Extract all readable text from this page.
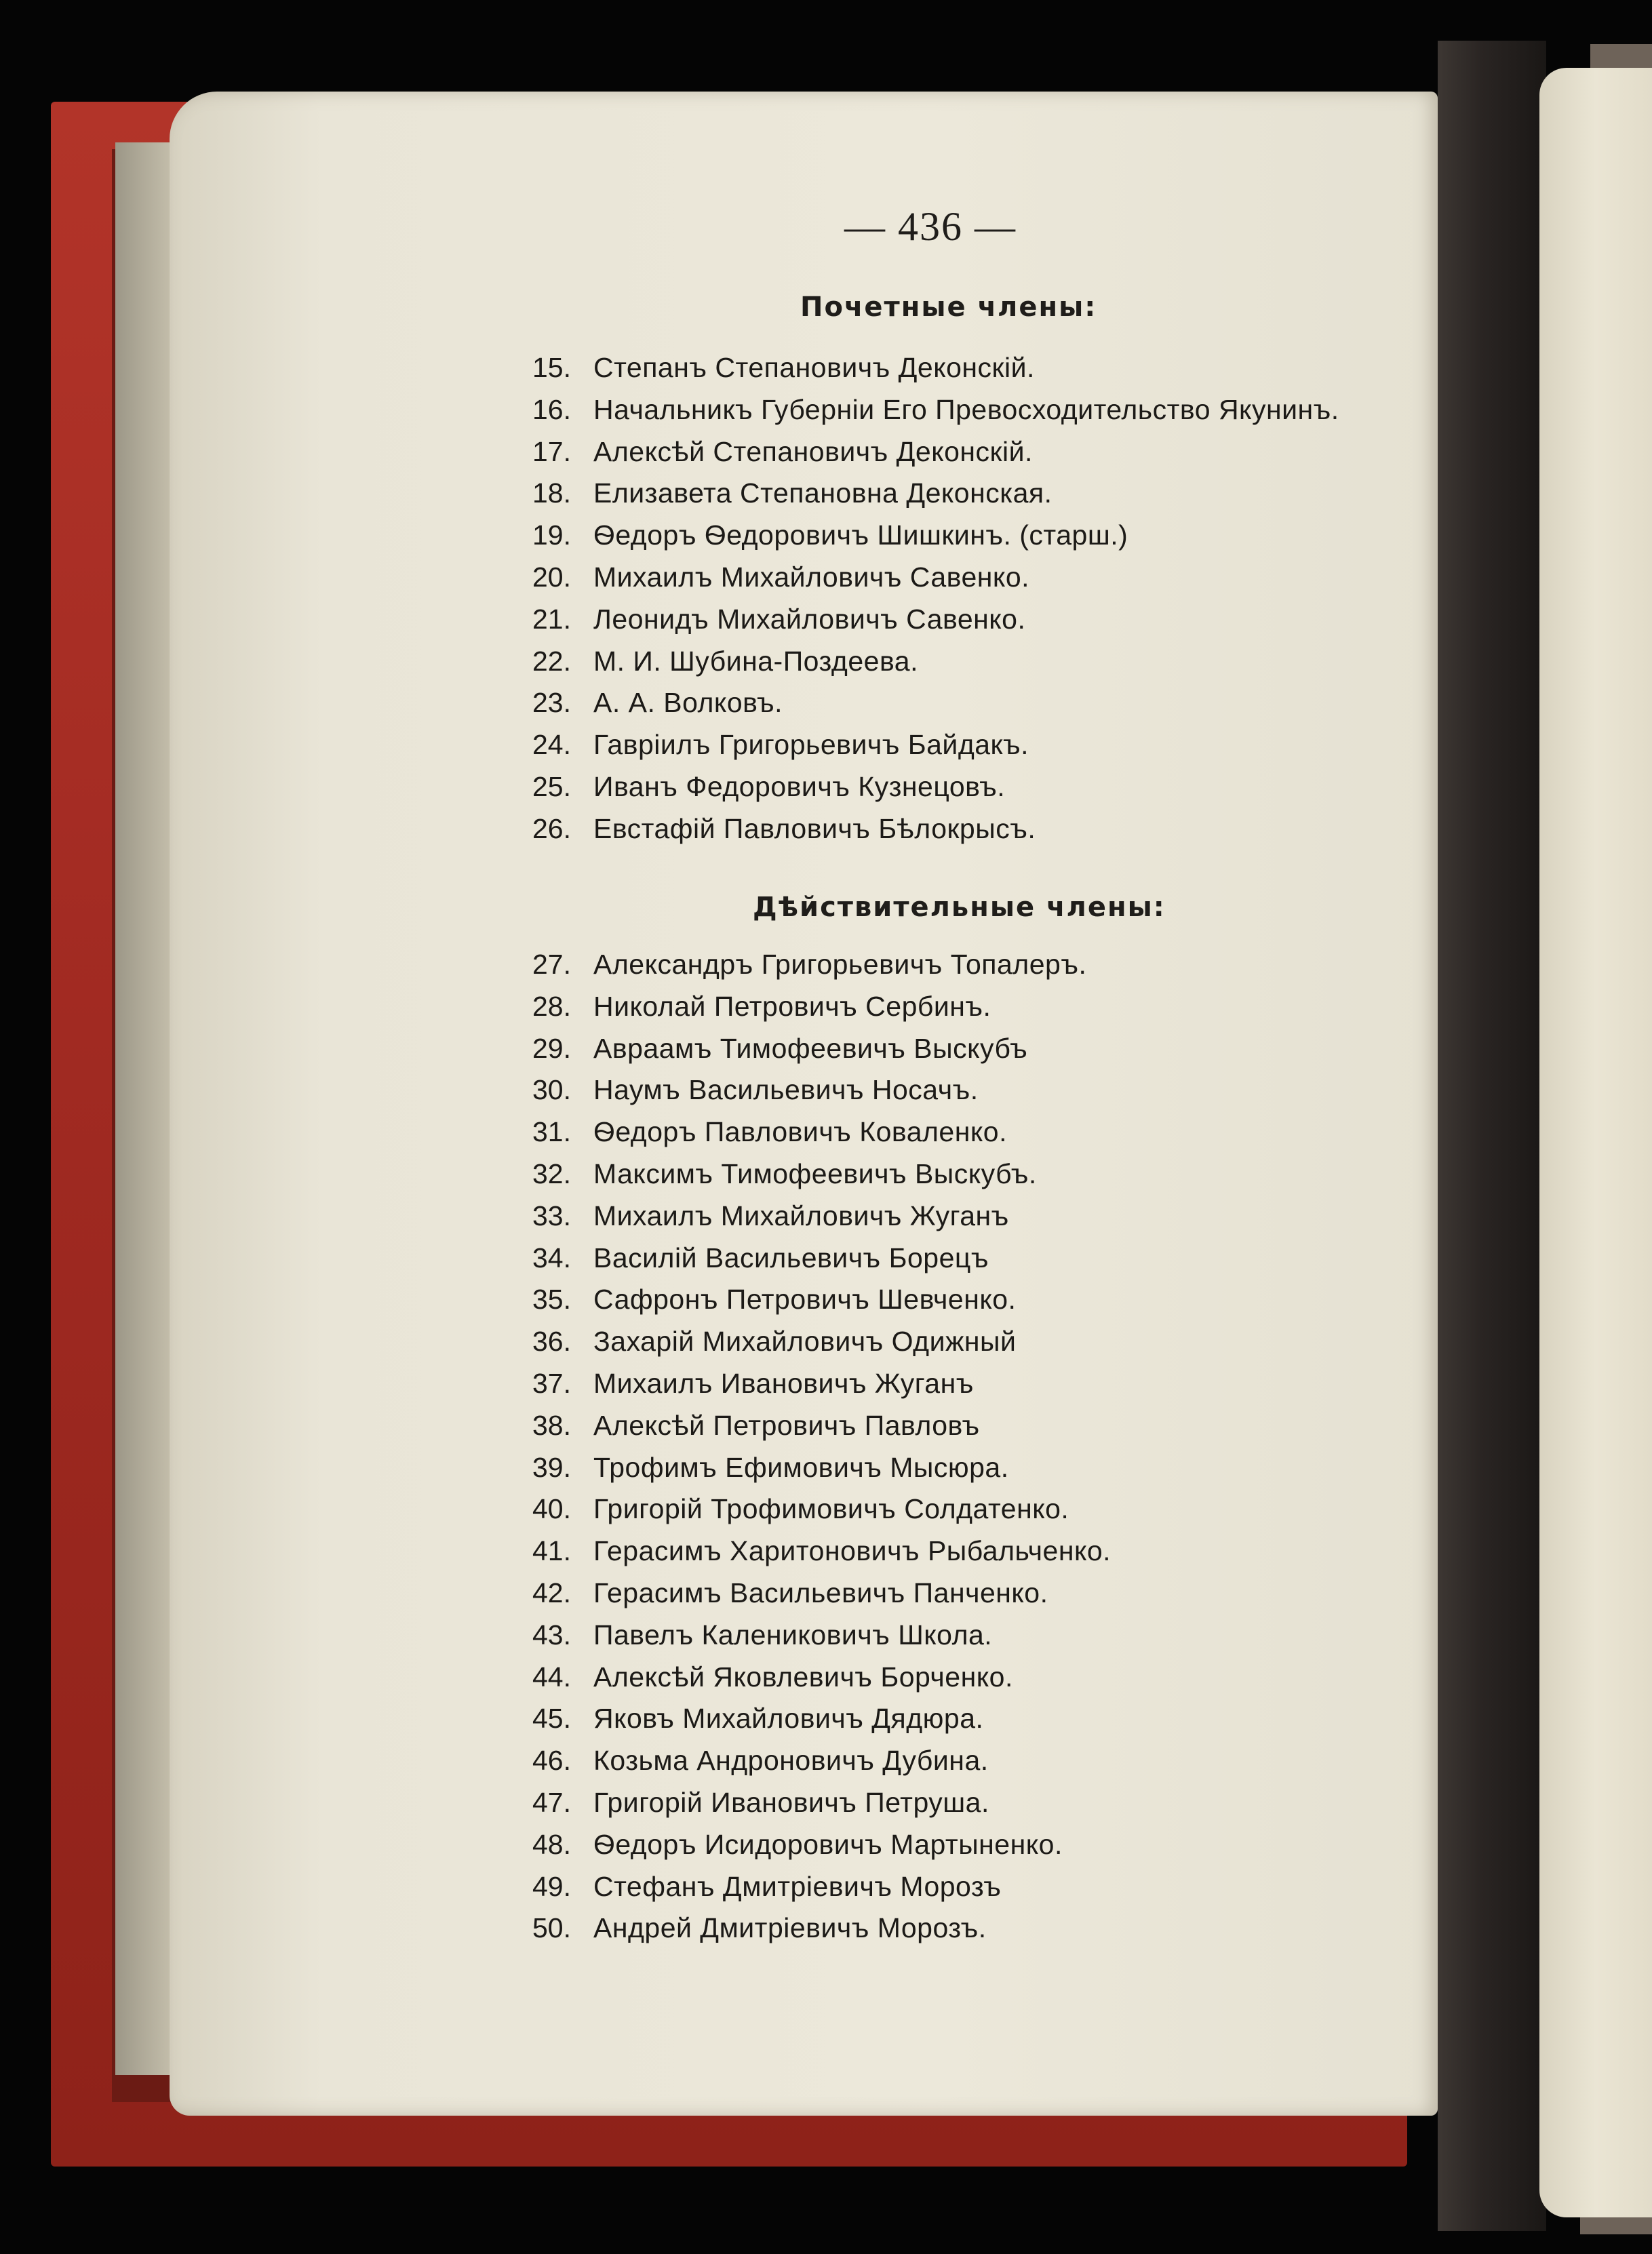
— 436 —
Почетные члены:
15. Степанъ Степановичъ Деконскій.
16. Начальникъ Губерніи Его Превосходительство Якунинъ.
17. Алексѣй Степановичъ Деконскій.
18. Елизавета Степановна Деконская.
19. Ѳедоръ Ѳедоровичъ Шишкинъ. (старш.)
20. Михаилъ Михайловичъ Савенко.
21. Леонидъ Михайловичъ Савенко.
22. М. И. Шубина-Поздеева.
23. А. А. Волковъ.
24. Гавріилъ Григорьевичъ Байдакъ.
25. Иванъ Федоровичъ Кузнецовъ.
26. Евстафій Павловичъ Бѣлокрысъ.
Дѣйствительные члены:
27. Александръ Григорьевичъ Топалеръ.
28. Николай Петровичъ Сербинъ.
29. Авраамъ Тимофеевичъ Выскубъ
30. Наумъ Васильевичъ Носачъ.
31. Ѳедоръ Павловичъ Коваленко.
32. Максимъ Тимофеевичъ Выскубъ.
33. Михаилъ Михайловичъ Жуганъ
34. Василій Васильевичъ Борецъ
35. Сафронъ Петровичъ Шевченко.
36. Захарій Михайловичъ Одижный
37. Михаилъ Ивановичъ Жуганъ
38. Алексѣй Петровичъ Павловъ
39. Трофимъ Ефимовичъ Мысюра.
40. Григорій Трофимовичъ Солдатенко.
41. Герасимъ Харитоновичъ Рыбальченко.
42. Герасимъ Васильевичъ Панченко.
43. Павелъ Калениковичъ Школа.
44. Алексѣй Яковлевичъ Борченко.
45. Яковъ Михайловичъ Дядюра.
46. Козьма Андроновичъ Дубина.
47. Григорій Ивановичъ Петруша.
48. Ѳедоръ Исидоровичъ Мартыненко.
49. Стефанъ Дмитріевичъ Морозъ
50. Андрей Дмитріевичъ Морозъ.
